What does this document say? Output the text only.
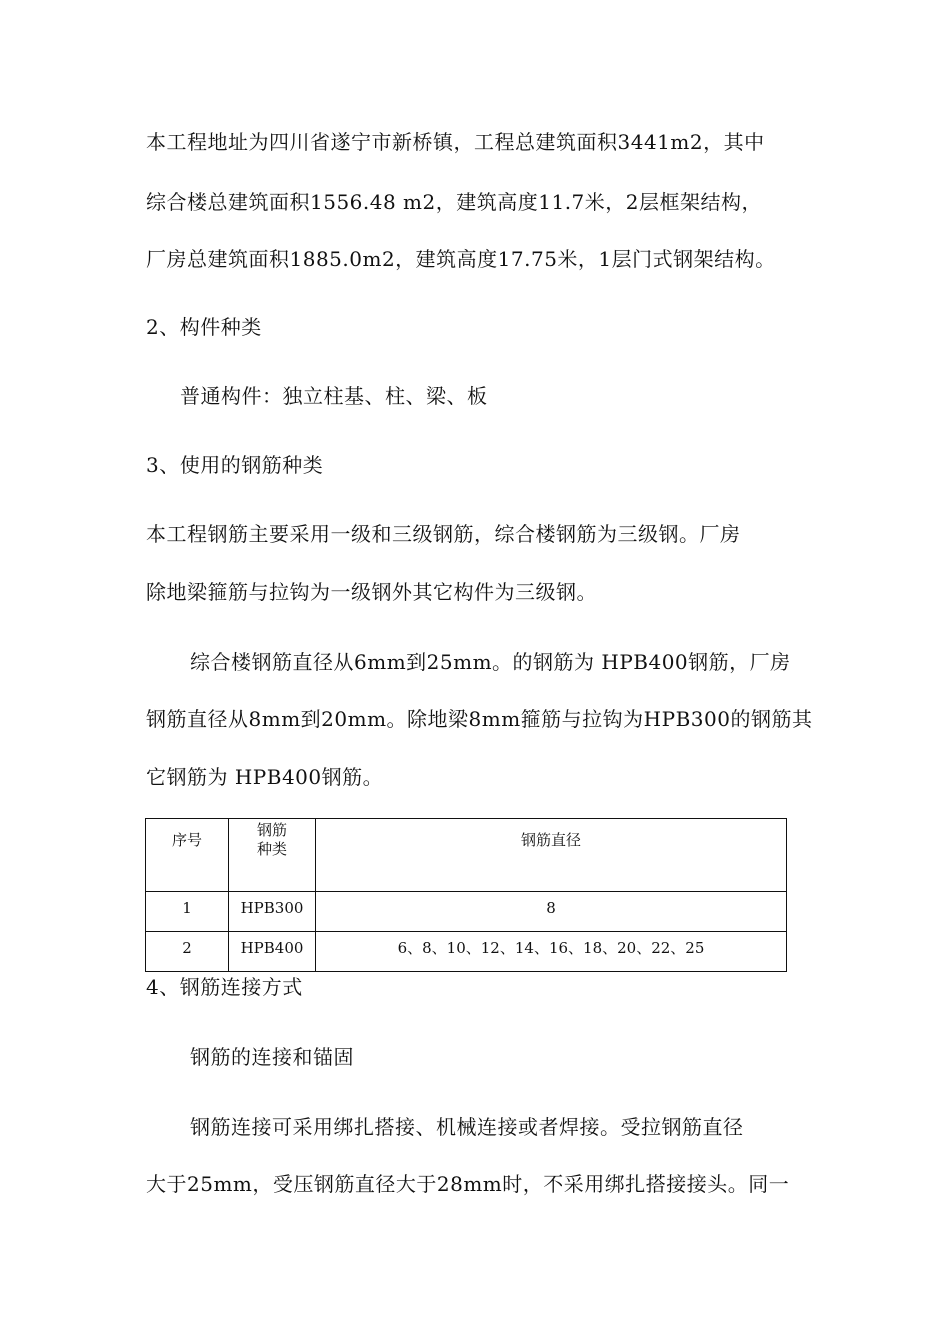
本工程地址为四川省遂宁市新桥镇，工程总建筑面积3441m2，其中
综合楼总建筑面积1556.48 m2，建筑高度11.7米，2层框架结构，
厂房总建筑面积1885.0m2，建筑高度17.75米，1层门式钢架结构。
2、构件种类
普通构件：独立柱基、柱、梁、板
3、使用的钢筋种类
本工程钢筋主要采用一级和三级钢筋，综合楼钢筋为三级钢。厂房
除地梁箍筋与拉钩为一级钢外其它构件为三级钢。
综合楼钢筋直径从6mm到25mm。的钢筋为 HPB400钢筋，厂房
钢筋直径从8mm到20mm。除地梁8mm箍筋与拉钩为HPB300的钢筋其
它钢筋为 HPB400钢筋。
序号	钢筋种类	钢筋直径
1	HPB300	8
2	HPB400	6、8、10、12、14、16、18、20、22、25
4、钢筋连接方式
钢筋的连接和锚固
钢筋连接可采用绑扎搭接、机械连接或者焊接。受拉钢筋直径
大于25mm，受压钢筋直径大于28mm时，不采用绑扎搭接接头。同一
